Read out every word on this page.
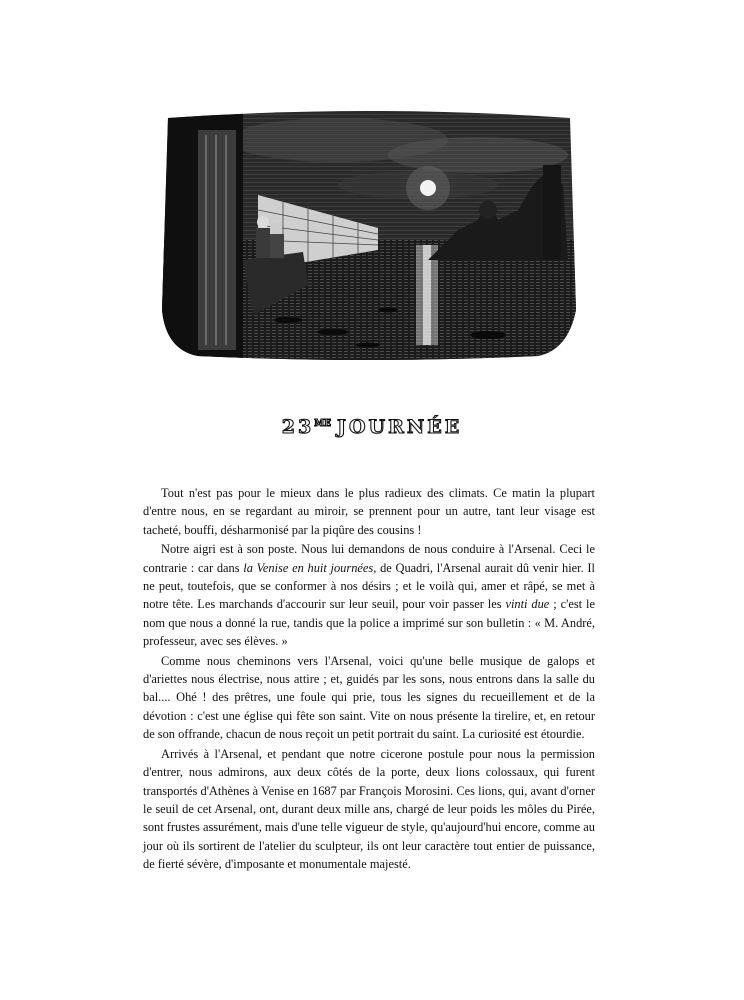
$23^{ME}$ JOURNÉE

Tout n'est pas pour le mieux dans le plus radieux des climats. Ce matin la plupart d'entre nous, en se regardant au miroir, se prennent pour un autre, tant leur visage est tacheté, bouffi, désharmonisé par la piqûre des cousins !

Notre aigri est à son poste. Nous lui demandons de nous conduire à l'Arsenal. Ceci le contrarie : car dans la Venise en huit journées, de Quadri, l'Arsenal aurait dû venir hier. Il ne peut, toutefois, que se conformer à nos désirs ; et le voilà qui, amer et râpé, se met à notre tête. Les marchands d'accourir sur leur seuil, pour voir passer les vinti due ; c'est le nom que nous a donné la rue, tandis que la police a imprimé sur son bulletin : « M. André, professeur, avec ses élèves. »

Comme nous cheminons vers l'Arsenal, voici qu'une belle musique de galops et d'ariettes nous électrise, nous attire ; et, guidés par les sons, nous entrons dans la salle du bal.... Ohé ! des prêtres, une foule qui prie, tous les signes du recueillement et de la dévotion : c'est une église qui fête son saint. Vite on nous présente la tirelire, et, en retour de son offrande, chacun de nous reçoit un petit portrait du saint. La curiosité est étourdie.

Arrivés à l'Arsenal, et pendant que notre cicerone postule pour nous la permission d'entrer, nous admirons, aux deux côtés de la porte, deux lions colossaux, qui furent transportés d'Athènes à Venise en 1687 par François Morosini. Ces lions, qui, avant d'orner le seuil de cet Arsenal, ont, durant deux mille ans, chargé de leur poids les môles du Pirée, sont frustes assurément, mais d'une telle vigueur de style, qu'aujourd'hui encore, comme au jour où ils sortirent de l'atelier du sculpteur, ils ont leur caractère tout entier de puissance, de fierté sévère, d'imposante et monumentale majesté.
